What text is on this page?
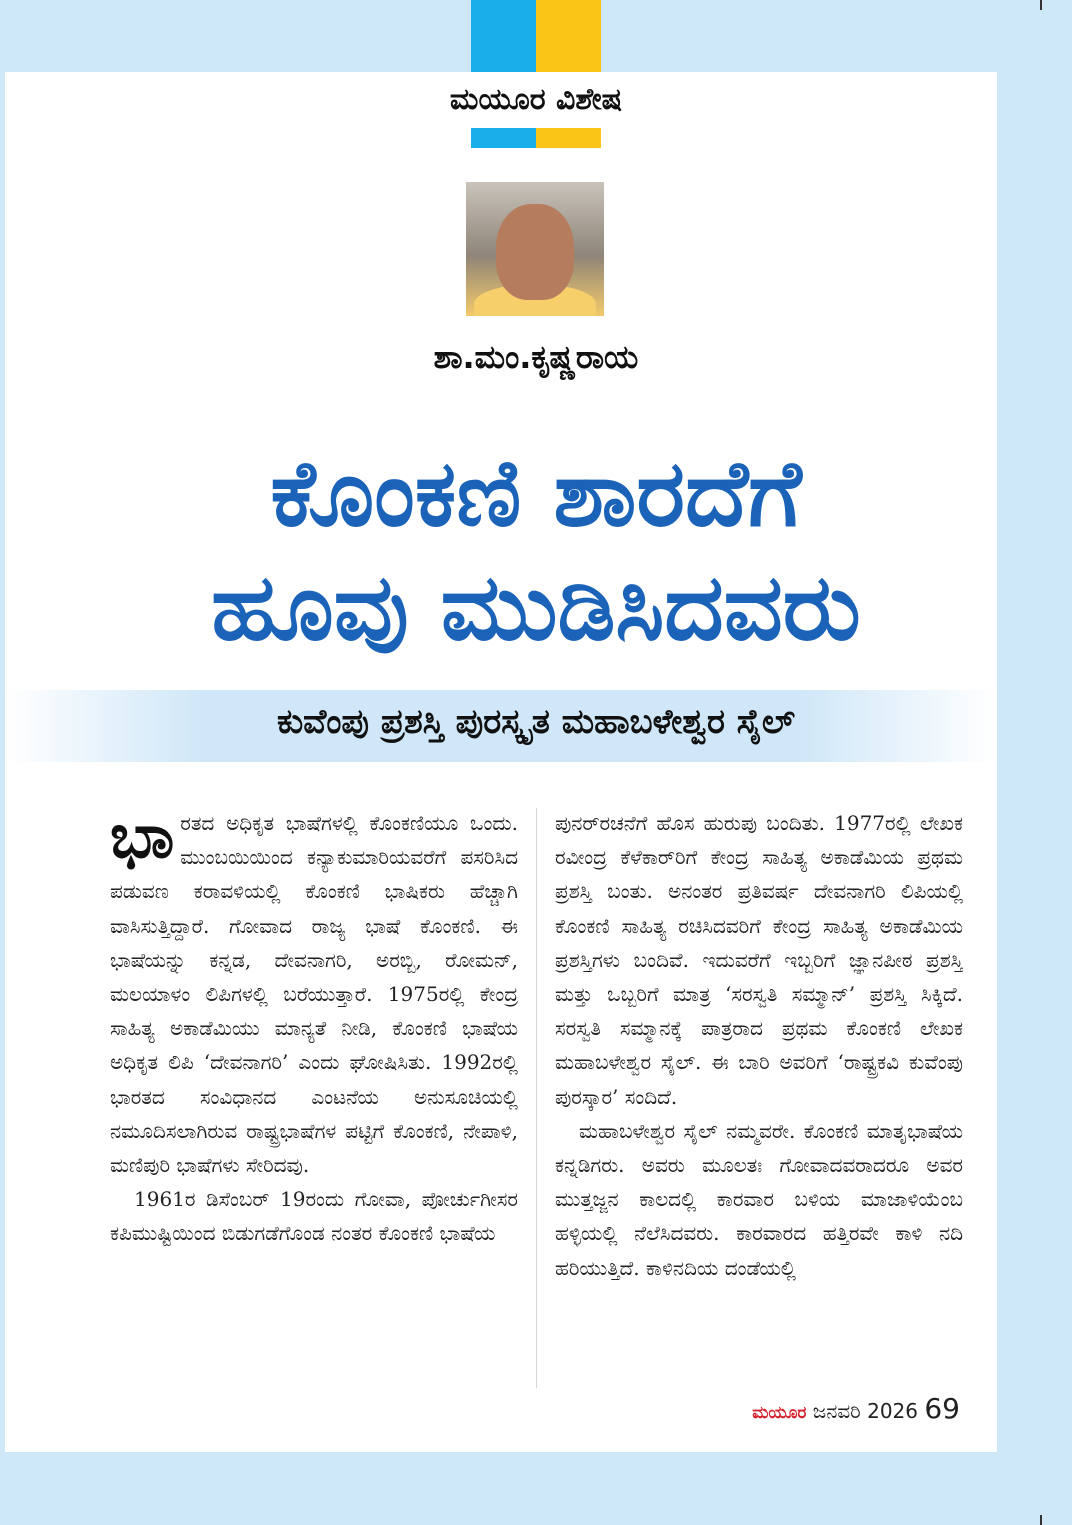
ಮಯೂರ ವಿಶೇಷ
ಶಾ.ಮಂ.ಕೃಷ್ಣರಾಯ
ಕೊಂಕಣಿ ಶಾರದೆಗೆ
ಹೂವು ಮುಡಿಸಿದವರು
ಕುವೆಂಪು ಪ್ರಶಸ್ತಿ ಪುರಸ್ಕೃತ ಮಹಾಬಳೇಶ್ವರ ಸೈಲ್

ಭಾರತದ ಅಧಿಕೃತ ಭಾಷೆಗಳಲ್ಲಿ ಕೊಂಕಣಿಯೂ ಒಂದು. ಮುಂಬಯಿಯಿಂದ ಕನ್ಯಾಕುಮಾರಿಯವರೆಗೆ ಪಸರಿಸಿದ ಪಡುವಣ ಕರಾವಳಿಯಲ್ಲಿ ಕೊಂಕಣಿ ಭಾಷಿಕರು ಹೆಚ್ಚಾಗಿ ವಾಸಿಸುತ್ತಿದ್ದಾರೆ. ಗೋವಾದ ರಾಜ್ಯ ಭಾಷೆ ಕೊಂಕಣಿ. ಈ ಭಾಷೆಯನ್ನು ಕನ್ನಡ, ದೇವನಾಗರಿ, ಅರಬ್ಬಿ, ರೋಮನ್, ಮಲಯಾಳಂ ಲಿಪಿಗಳಲ್ಲಿ ಬರೆಯುತ್ತಾರೆ. 1975ರಲ್ಲಿ ಕೇಂದ್ರ ಸಾಹಿತ್ಯ ಅಕಾಡೆಮಿಯು ಮಾನ್ಯತೆ ನೀಡಿ, ಕೊಂಕಣಿ ಭಾಷೆಯ ಅಧಿಕೃತ ಲಿಪಿ ‘ದೇವನಾಗರಿ’ ಎಂದು ಘೋಷಿಸಿತು. 1992ರಲ್ಲಿ ಭಾರತದ ಸಂವಿಧಾನದ ಎಂಟನೆಯ ಅನುಸೂಚಿಯಲ್ಲಿ ನಮೂದಿಸಲಾಗಿರುವ ರಾಷ್ಟ್ರಭಾಷೆಗಳ ಪಟ್ಟಿಗೆ ಕೊಂಕಣಿ, ನೇಪಾಳಿ, ಮಣಿಪುರಿ ಭಾಷೆಗಳು ಸೇರಿದವು.

1961ರ ಡಿಸೆಂಬರ್ 19ರಂದು ಗೋವಾ, ಪೋರ್ಚುಗೀಸರ ಕಪಿಮುಷ್ಟಿಯಿಂದ ಬಿಡುಗಡೆಗೊಂಡ ನಂತರ ಕೊಂಕಣಿ ಭಾಷೆಯ

ಪುನರ್‌ರಚನೆಗೆ ಹೊಸ ಹುರುಪು ಬಂದಿತು. 1977ರಲ್ಲಿ ಲೇಖಕ ರವೀಂದ್ರ ಕೆಳೆಕಾರ್‌ರಿಗೆ ಕೇಂದ್ರ ಸಾಹಿತ್ಯ ಅಕಾಡೆಮಿಯ ಪ್ರಥಮ ಪ್ರಶಸ್ತಿ ಬಂತು. ಅನಂತರ ಪ್ರತಿವರ್ಷ ದೇವನಾಗರಿ ಲಿಪಿಯಲ್ಲಿ ಕೊಂಕಣಿ ಸಾಹಿತ್ಯ ರಚಿಸಿದವರಿಗೆ ಕೇಂದ್ರ ಸಾಹಿತ್ಯ ಅಕಾಡೆಮಿಯ ಪ್ರಶಸ್ತಿಗಳು ಬಂದಿವೆ. ಇದುವರೆಗೆ ಇಬ್ಬರಿಗೆ ಜ್ಞಾನಪೀಠ ಪ್ರಶಸ್ತಿ ಮತ್ತು ಒಬ್ಬರಿಗೆ ಮಾತ್ರ ‘ಸರಸ್ವತಿ ಸಮ್ಮಾನ್’ ಪ್ರಶಸ್ತಿ ಸಿಕ್ಕಿದೆ. ಸರಸ್ವತಿ ಸಮ್ಮಾನಕ್ಕೆ ಪಾತ್ರರಾದ ಪ್ರಥಮ ಕೊಂಕಣಿ ಲೇಖಕ ಮಹಾಬಳೇಶ್ವರ ಸೈಲ್. ಈ ಬಾರಿ ಅವರಿಗೆ ‘ರಾಷ್ಟ್ರಕವಿ ಕುವೆಂಪು ಪುರಸ್ಕಾರ’ ಸಂದಿದೆ.

ಮಹಾಬಳೇಶ್ವರ ಸೈಲ್ ನಮ್ಮವರೇ. ಕೊಂಕಣಿ ಮಾತೃಭಾಷೆಯ ಕನ್ನಡಿಗರು. ಅವರು ಮೂಲತಃ ಗೋವಾದವರಾದರೂ ಅವರ ಮುತ್ತಜ್ಜನ ಕಾಲದಲ್ಲಿ ಕಾರವಾರ ಬಳಿಯ ಮಾಜಾಳಿಯೆಂಬ ಹಳ್ಳಿಯಲ್ಲಿ ನೆಲೆಸಿದವರು. ಕಾರವಾರದ ಹತ್ತಿರವೇ ಕಾಳಿ ನದಿ ಹರಿಯುತ್ತಿದೆ. ಕಾಳಿನದಿಯ ದಂಡೆಯಲ್ಲಿ

ಮಯೂರ ಜನವರಿ 2026 69
